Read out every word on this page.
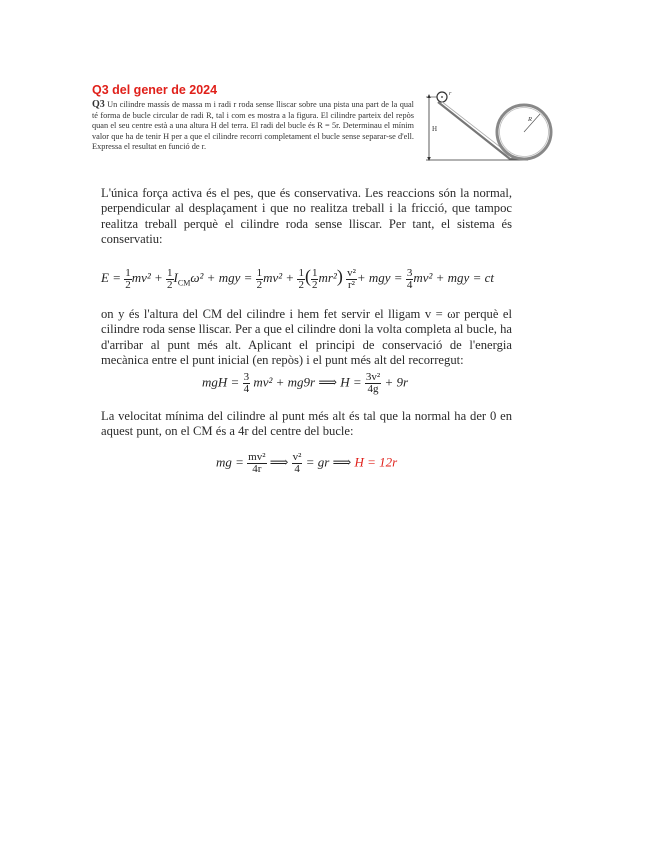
Q3 del gener de 2024
Q3 Un cilindre massís de massa m i radi r roda sense lliscar sobre una pista una part de la qual té forma de bucle circular de radi R, tal i com es mostra a la figura. El cilindre parteix del repòs quan el seu centre està a una altura H del terra. El radi del bucle és R = 5r. Determinau el mínim valor que ha de tenir H per a que el cilindre recorri completament el bucle sense separar-se d'ell. Expressa el resultat en funció de r.
r
H
R
L'única força activa és el pes, que és conservativa. Les reaccions són la normal, perpendicular al desplaçament i que no realitza treball i la fricció, que tampoc realitza treball perquè el cilindre roda sense lliscar. Per tant, el sistema és conservatiu:
$E = \frac{1}{2} mv^2 + \frac{1}{2} I_{CM}\omega^2$ + mgy = $\frac{1}{2} mv^2 + \frac{1}{2}$ ( $\frac{1}{2} mr^2) \frac{\text{v²}}{\text{r²}}$ + mgy = $\frac{3}{4} mv^2$ + mgy = ct
on y és l'altura del CM del cilindre i hem fet servir el lligam v = ωr perquè el cilindre roda sense lliscar. Per a que el cilindre doni la volta completa al bucle, ha d'arribar al punt més alt. Aplicant el principi de conservació de l'energia mecànica entre el punt inicial (en repòs) i el punt més alt del recorregut:
mgH = $\frac{3}{4} mv^2 + mg9r$ ⟹ $H = \frac{\text{3v²}}{4g} + 9r$
La velocitat mínima del cilindre al punt més alt és tal que la normal ha der 0 en aquest punt, on el CM és a 4r del centre del bucle:
mg = $\frac{\text{mv²}}{4r}$ ⟹ $\frac{\text{v²}}{4}$ = gr ⟹ H = 12r
